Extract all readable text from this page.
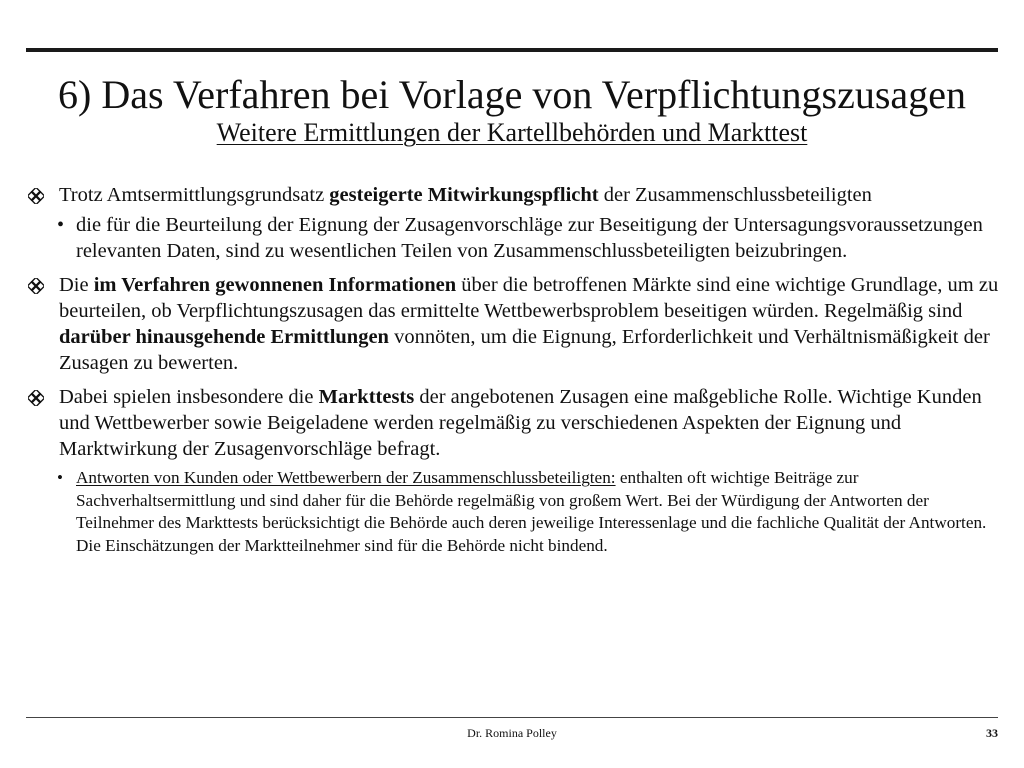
6) Das Verfahren bei Vorlage von Verpflichtungszusagen
Weitere Ermittlungen der Kartellbehörden und Markttest

Trotz Amtsermittlungsgrundsatz gesteigerte Mitwirkungspflicht der Zusammenschlussbeteiligten

• die für die Beurteilung der Eignung der Zusagenvorschläge zur Beseitigung der Untersagungsvoraussetzungen relevanten Daten, sind zu wesentlichen Teilen von Zusammenschlussbeteiligten beizubringen.

Die im Verfahren gewonnenen Informationen über die betroffenen Märkte sind eine wichtige Grundlage, um zu beurteilen, ob Verpflichtungszusagen das ermittelte Wettbewerbsproblem beseitigen würden. Regelmäßig sind darüber hinausgehende Ermittlungen vonnöten, um die Eignung, Erforderlichkeit und Verhältnismäßigkeit der Zusagen zu bewerten.

Dabei spielen insbesondere die Markttests der angebotenen Zusagen eine maßgebliche Rolle. Wichtige Kunden und Wettbewerber sowie Beigeladene werden regelmäßig zu verschiedenen Aspekten der Eignung und Marktwirkung der Zusagenvorschläge befragt.

• Antworten von Kunden oder Wettbewerbern der Zusammenschlussbeteiligten: enthalten oft wichtige Beiträge zur Sachverhaltsermittlung und sind daher für die Behörde regelmäßig von großem Wert. Bei der Würdigung der Antworten der Teilnehmer des Markttests berücksichtigt die Behörde auch deren jeweilige Interessenlage und die fachliche Qualität der Antworten. Die Einschätzungen der Marktteilnehmer sind für die Behörde nicht bindend.

Dr. Romina Polley	33
